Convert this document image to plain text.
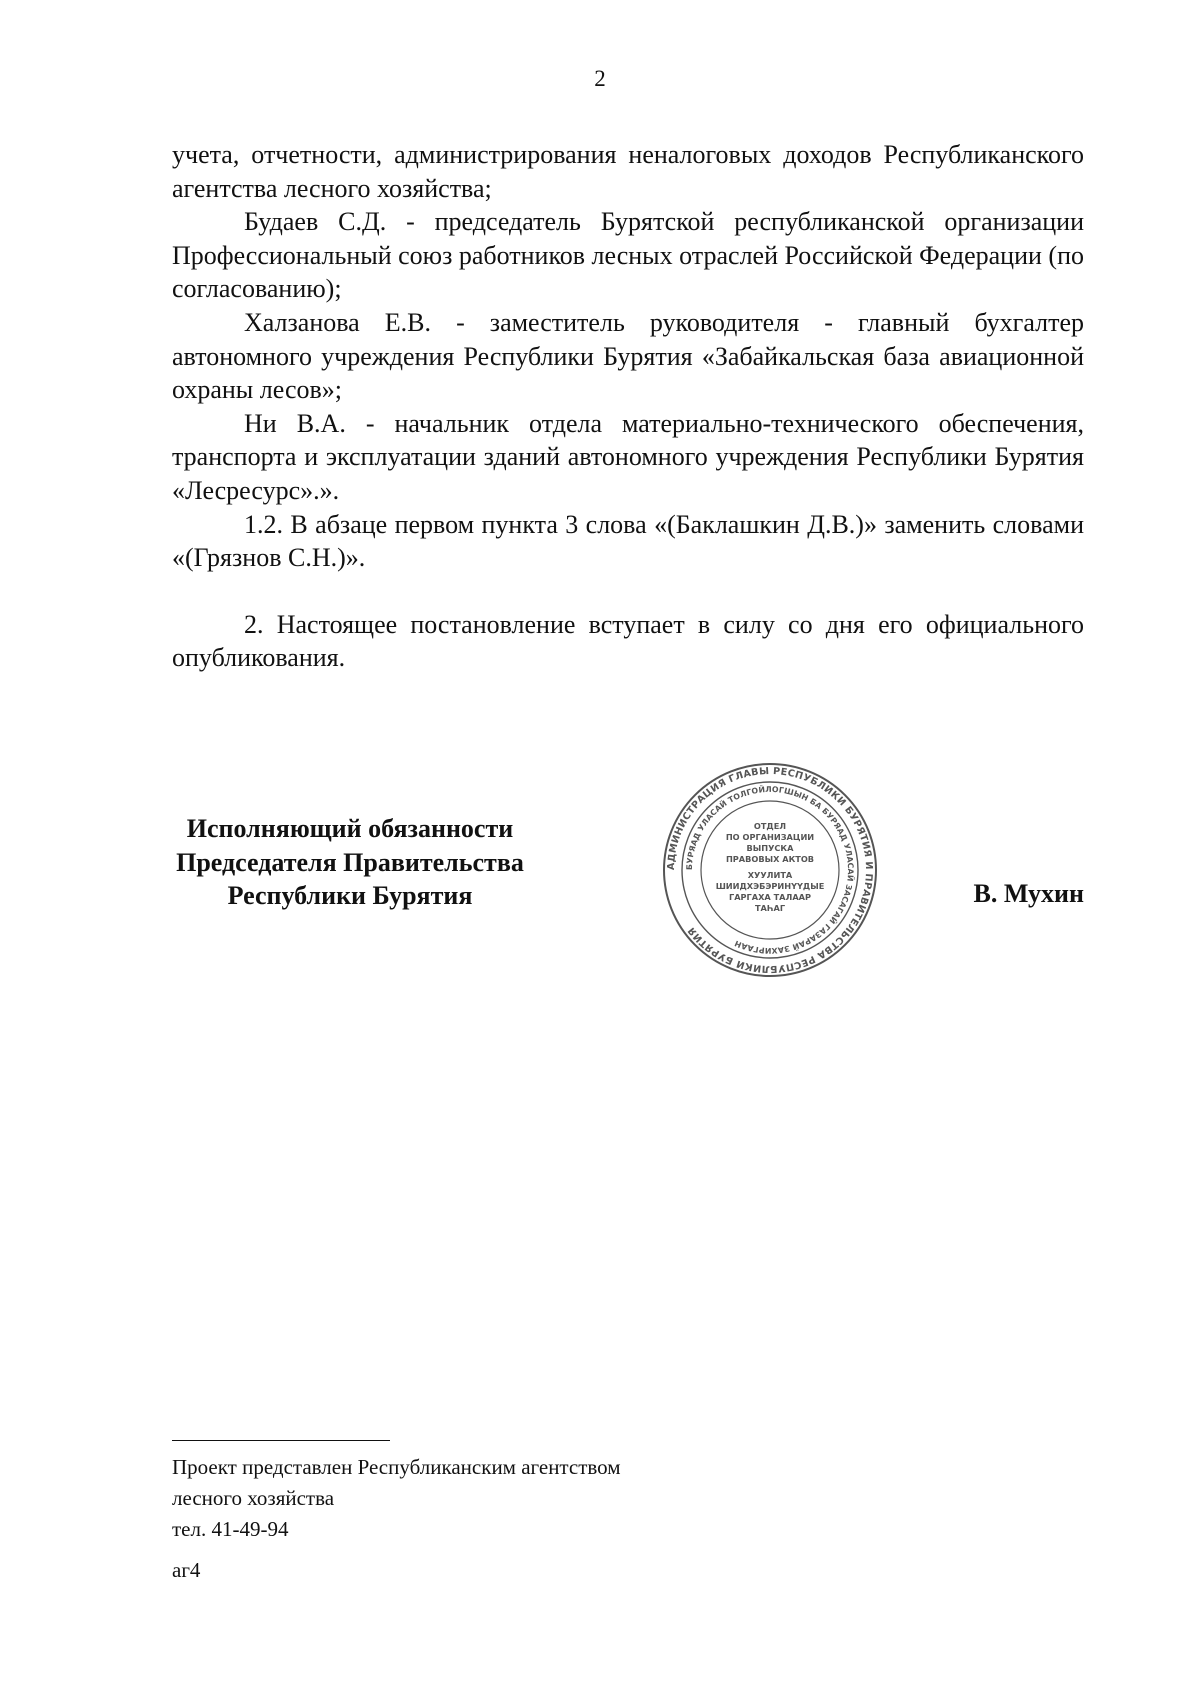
2

учета, отчетности, администрирования неналоговых доходов Республиканского агентства лесного хозяйства;

Будаев С.Д. - председатель Бурятской республиканской организации Профессиональный союз работников лесных отраслей Российской Федерации (по согласованию);

Халзанова Е.В. - заместитель руководителя - главный бухгалтер автономного учреждения Республики Бурятия «Забайкальская база авиационной охраны лесов»;

Ни В.А. - начальник отдела материально-технического обеспечения, транспорта и эксплуатации зданий автономного учреждения Республики Бурятия «Лесресурс».».

1.2. В абзаце первом пункта 3 слова «(Баклашкин Д.В.)» заменить словами «(Грязнов С.Н.)».

2. Настоящее постановление вступает в силу со дня его официального опубликования.

Исполняющий обязанности
Председателя Правительства
Республики Бурятия
АДМИНИСТРАЦИЯ ГЛАВЫ РЕСПУБЛИКИ БУРЯТИЯ И ПРАВИТЕЛЬСТВА РЕСПУБЛИКИ БУРЯТИЯ
БУРЯАД УЛАСАЙ ТОЛГОЙЛОГШЫН БА БУРЯАД УЛАСАЙ ЗАСАГАЙ ГАЗАРАЙ ЗАХИРГААН
ОТДЕЛ
ПО ОРГАНИЗАЦИИ
ВЫПУСКА
ПРАВОВЫХ АКТОВ
ХУУЛИТА
ШИИДХЭБЭРИНҮҮДЫЕ
ГАРГАХА ТАЛААР
ТАҺАГ	В. Мухин
Проект представлен Республиканским агентством
лесного хозяйства
тел. 41-49-94
аг4
